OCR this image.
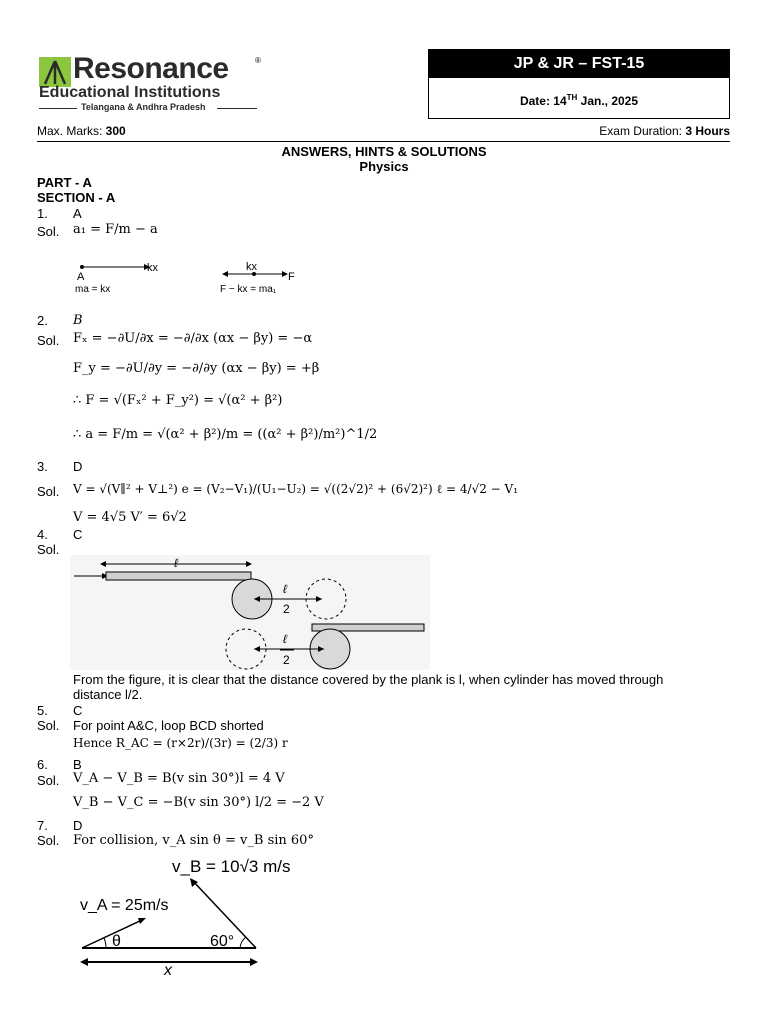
Resonance	®
Educational Institutions
Telangana & Andhra Pradesh
JP & JR – FST-15
Date: 14TH Jan., 2025
Max. Marks: 300	Exam Duration: 3 Hours
ANSWERS, HINTS & SOLUTIONS
Physics
PART - A
SECTION - A
1. A
Sol. a₁ = F/m − a
kx
A
ma = kx
kx
F
F − kx = ma₁
2. B
Sol. Fₓ = −∂U/∂x = −∂/∂x (αx − βy) = −α
F_y = −∂U/∂y = −∂/∂y (αx − βy) = +β
∴ F = √(Fₓ² + F_y²) = √(α² + β²)
∴ a = F/m = √(α² + β²)/m = ((α² + β²)/m²)^1/2
3. D
Sol. V = √(V∥² + V⊥²) e = (V₂−V₁)/(U₁−U₂) = √((2√2)² + (6√2)²) ℓ = 4/√2 − V₁
V = 4√5 V′ = 6√2
4. C
Sol.
ℓ
ℓ
2
ℓ
2
From the figure, it is clear that the distance covered by the plank is l, when cylinder has moved through
distance l/2.
5. C
Sol. For point A&C, loop BCD shorted
Hence R_AC = (r×2r)/(3r) = (2/3) r
6. B
Sol. V_A − V_B = B(v sin 30°)l = 4 V
V_B − V_C = −B(v sin 30°) l/2 = −2 V
7. D
Sol. For collision, v_A sin θ = v_B sin 60°
v_B = 10√3 m/s
v_A = 25m/s
θ	60°
x
